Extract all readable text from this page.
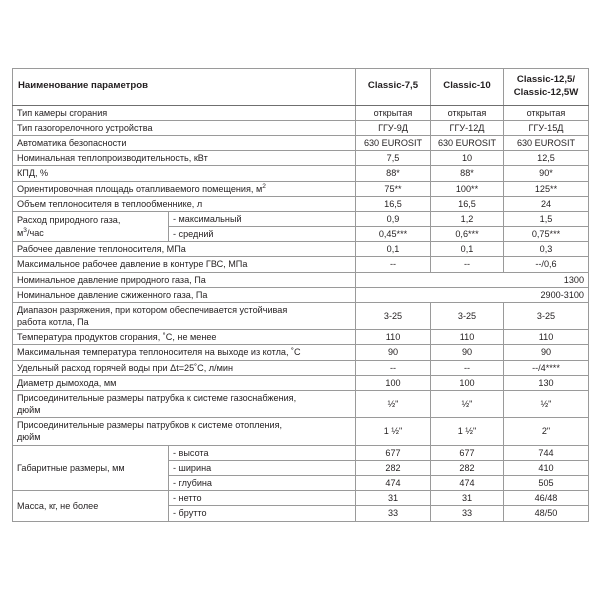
Наименование параметров		Classic-7,5	Classic-10	Classic-12,5/
Classic-12,5W

Тип камеры сгорания		открытая	открытая	открытая
Тип газогорелочного устройства		ГГУ-9Д	ГГУ-12Д	ГГУ-15Д
Автоматика безопасности		630 EUROSIT	630 EUROSIT	630 EUROSIT
Номинальная теплопроизводительность, кВт		7,5	10	12,5
КПД, %		88*	88*	90*
Ориентировочная площадь отапливаемого помещения, $м^2$		75**	100**	125**
Объем теплоносителя в теплообменнике, л		16,5	16,5	24

Расход природного газа,
$м^3$/час	- максимальный	0,9	1,2	1,5
	- средний	0,45***	0,6***	0,75***
Рабочее давление теплоносителя, МПа		0,1	0,1	0,3
Максимальное рабочее давление в контуре ГВС, МПа		--	--	--/0,6
Номинальное давление природного газа, Па		1300		
Номинальное давление сжиженного газа, Па		2900-3100		

Диапазон разряжения, при котором обеспечивается устойчивая
работа котла, Па		3-25	3-25	3-25
Температура продуктов сгорания, ˚С, не менее		110	110	110
Максимальная температура теплоносителя на выходе из котла, ˚С		90	90	90
Удельный расход горячей воды при Δt=25˚С, л/мин		--	--	--/4****
Диаметр дымохода, мм		100	100	130

Присоединительные размеры патрубка к системе газоснабжения,
дюйм		½"	½"	½"

Присоединительные размеры патрубков к системе отопления,
дюйм		1 ½"	1 ½"	2"
Габаритные размеры, мм	- высота	677	677	744
	- ширина	282	282	410
	- глубина	474	474	505
Масса, кг, не более	- нетто	31	31	46/48
	- брутто	33	33	48/50
